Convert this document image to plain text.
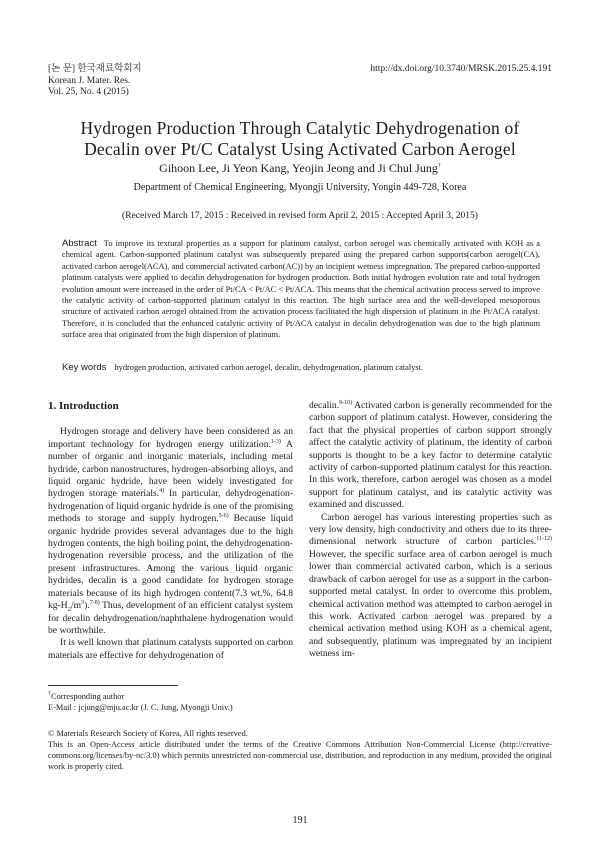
[논 문] 한국재료학회지
Korean J. Mater. Res.
Vol. 25, No. 4 (2015)
http://dx.doi.org/10.3740/MRSK.2015.25.4.191
Hydrogen Production Through Catalytic Dehydrogenation of
Decalin over Pt/C Catalyst Using Activated Carbon Aerogel
Gihoon Lee, Ji Yeon Kang, Yeojin Jeong and Ji Chul Jung†
Department of Chemical Engineering, Myongji University, Yongin 449-728, Korea
(Received March 17, 2015 : Received in revised form April 2, 2015 : Accepted April 3, 2015)
Abstract To improve its textural properties as a support for platinum catalyst, carbon aerogel was chemically activated with KOH as a chemical agent. Carbon-supported platinum catalyst was subsequently prepared using the prepared carbon supports(carbon aerogel(CA), activated carbon aerogel(ACA), and commercial activated carbon(AC)) by an incipient wetness impregnation. The prepared carbon-supported platinum catalysts were applied to decalin dehydrogenation for hydrogen production. Both initial hydrogen evolution rate and total hydrogen evolution amount were increased in the order of Pt/CA < Pt/AC < Pt/ACA. This means that the chemical activation process served to improve the catalytic activity of carbon-supported platinum catalyst in this reaction. The high surface area and the well-developed mesoporous structure of activated carbon aerogel obtained from the activation process facilitated the high dispersion of platinum in the Pt/ACA catalyst. Therefore, it is concluded that the enhanced catalytic activity of Pt/ACA catalyst in decalin dehydrogenation was due to the high platinum surface area that originated from the high dispersion of platinum.
Key words hydrogen production, activated carbon aerogel, decalin, dehydrogenation, platinum catalyst.
1. Introduction

Hydrogen storage and delivery have been considered as an important technology for hydrogen energy utilization.$^{1-3)}$ A number of organic and inorganic materials, including metal hydride, carbon nanostructures, hydrogen-absorbing alloys, and liquid organic hydride, have been widely investigated for hydrogen storage materials.$^{4)}$ In particular, dehydrogenation-hydrogenation of liquid organic hydride is one of the promising methods to storage and supply hydrogen.$^{5-6)}$ Because liquid organic hydride provides several advantages due to the high hydrogen contents, the high boiling point, the dehydrogenation-hydrogenation reversible process, and the utilization of the present infrastructures. Among the various liquid organic hydrides, decalin is a good candidate for hydrogen storage materials because of its high hydrogen content(7.3 wt.%, 64.8 $kg-H_2/m^3).^{7-8)}$ Thus, development of an efficient catalyst system for decalin dehydrogenation/naphthalene hydrogenation would be worthwhile.

It is well known that platinum catalysts supported on carbon materials are effective for dehydrogenation of

decalin.$^{9-10)}$ Activated carbon is generally recommended for the carbon support of platinum catalyst. However, considering the fact that the physical properties of carbon support strongly affect the catalytic activity of platinum, the identity of carbon supports is thought to be a key factor to determine catalytic activity of carbon-supported platinum catalyst for this reaction. In this work, therefore, carbon aerogel was chosen as a model support for platinum catalyst, and its catalytic activity was examined and discussed.

Carbon aerogel has various interesting properties such as very low density, high conductivity and others due to its three-dimensional network structure of carbon particles.$^{11-12)}$ However, the specific surface area of carbon aerogel is much lower than commercial activated carbon, which is a serious drawback of carbon aerogel for use as a support in the carbon-supported metal catalyst. In order to overcome this problem, chemical activation method was attempted to carbon aerogel in this work. Activated carbon aerogel was prepared by a chemical activation method using KOH as a chemical agent, and subsequently, platinum was impregnated by an incipient wetness im-

†Corresponding author
E-Mail : jcjung@mju.ac.kr (J. C. Jung, Myongji Univ.)
© Materials Research Society of Korea, All rights reserved.
This is an Open-Access article distributed under the terms of the Creative Commons Attribution Non-Commercial License (http://creative-commons.org/licenses/by-nc/3.0) which permits unrestricted non-commercial use, distribution, and reproduction in any medium, provided the original work is properly cited.
191
